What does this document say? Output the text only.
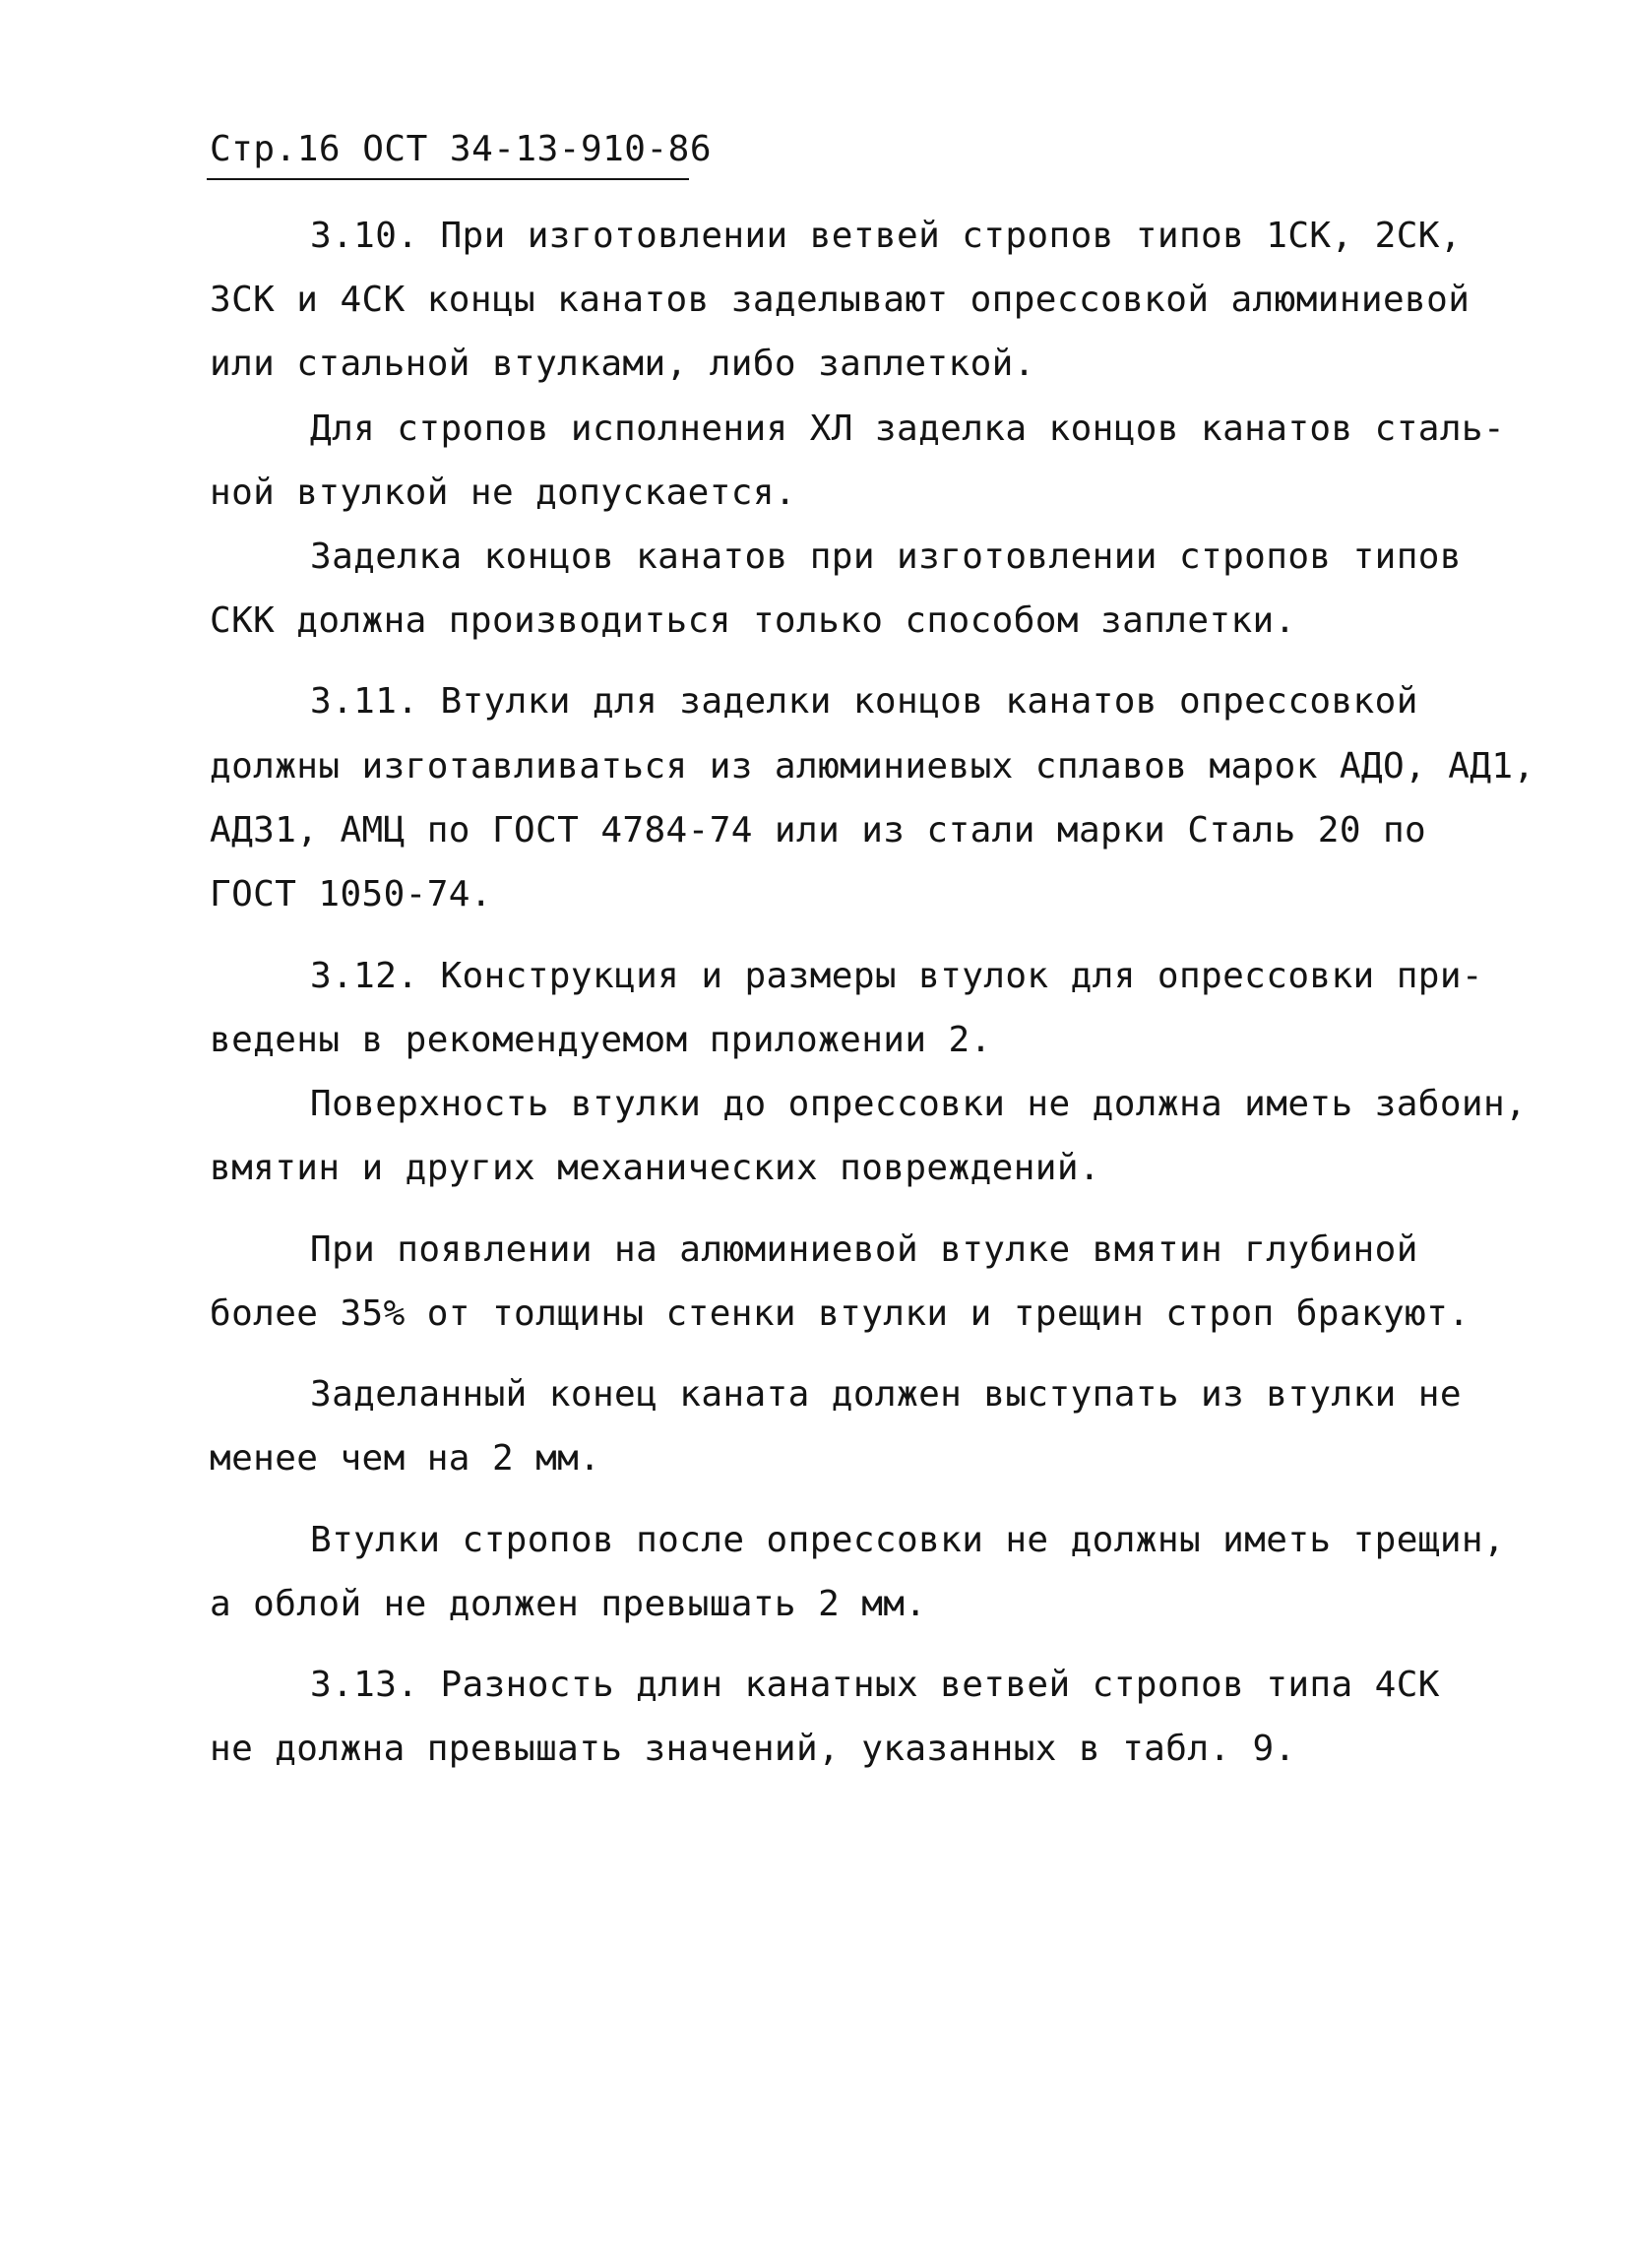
Стр.16 ОСТ 34-13-910-86
3.10. При изготовлении ветвей стропов типов 1СК, 2СК,
3СК и 4СК концы канатов заделывают опрессовкой алюминиевой
или стальной втулками, либо заплеткой.
Для стропов исполнения ХЛ заделка концов канатов сталь-
ной втулкой не допускается.
Заделка концов канатов при изготовлении стропов типов
СКК должна производиться только способом заплетки.
3.11. Втулки для заделки концов канатов опрессовкой
должны изготавливаться из алюминиевых сплавов марок АДО, АД1,
АД31, АМЦ по ГОСТ 4784-74 или из стали марки Сталь 20 по
ГОСТ 1050-74.
3.12. Конструкция и размеры втулок для опрессовки при-
ведены в рекомендуемом приложении 2.
Поверхность втулки до опрессовки не должна иметь забоин,
вмятин и других механических повреждений.
При появлении на алюминиевой втулке вмятин глубиной
более 35% от толщины стенки втулки и трещин строп бракуют.
Заделанный конец каната должен выступать из втулки не
менее чем на 2 мм.
Втулки стропов после опрессовки не должны иметь трещин,
а облой не должен превышать 2 мм.
3.13. Разность длин канатных ветвей стропов типа 4СК
не должна превышать значений, указанных в табл. 9.
